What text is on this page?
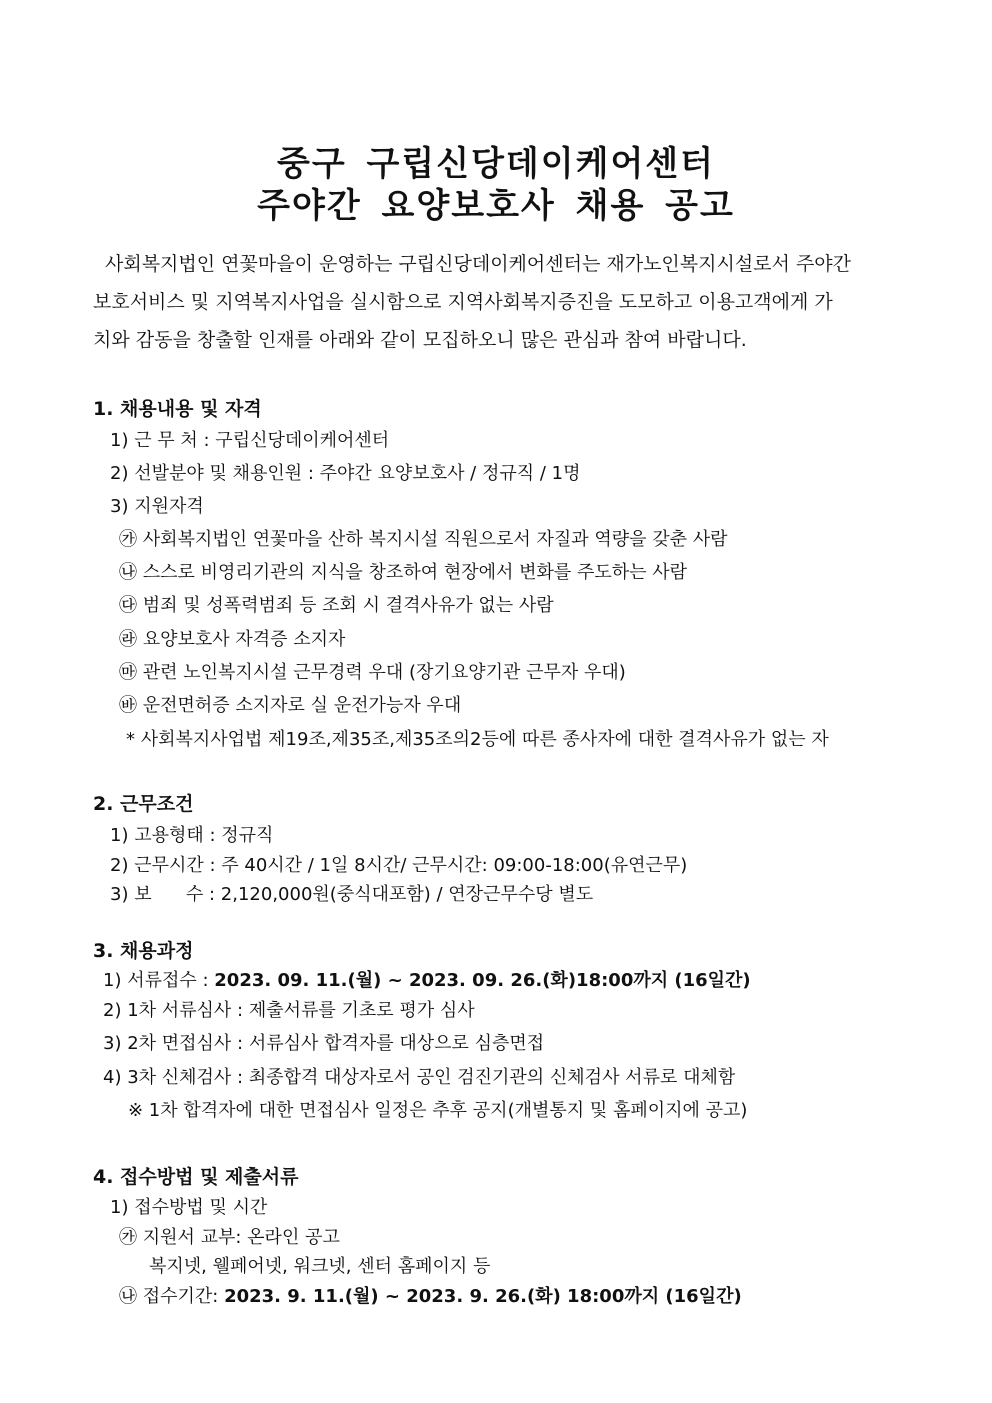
중구 구립신당데이케어센터
주야간 요양보호사 채용 공고
사회복지법인 연꽃마을이 운영하는 구립신당데이케어센터는 재가노인복지시설로서 주야간
보호서비스 및 지역복지사업을 실시함으로 지역사회복지증진을 도모하고 이용고객에게 가
치와 감동을 창출할 인재를 아래와 같이 모집하오니 많은 관심과 참여 바랍니다.
1. 채용내용 및 자격
1) 근 무 처 : 구립신당데이케어센터
2) 선발분야 및 채용인원 : 주야간 요양보호사 / 정규직 / 1명
3) 지원자격
㉮ 사회복지법인 연꽃마을 산하 복지시설 직원으로서 자질과 역량을 갖춘 사람
㉯ 스스로 비영리기관의 지식을 창조하여 현장에서 변화를 주도하는 사람
㉰ 범죄 및 성폭력범죄 등 조회 시 결격사유가 없는 사람
㉱ 요양보호사 자격증 소지자
㉲ 관련 노인복지시설 근무경력 우대 (장기요양기관 근무자 우대)
㉳ 운전면허증 소지자로 실 운전가능자 우대
* 사회복지사업법 제19조,제35조,제35조의2등에 따른 종사자에 대한 결격사유가 없는 자
2. 근무조건
1) 고용형태 : 정규직
2) 근무시간 : 주 40시간 / 1일 8시간/ 근무시간: 09:00-18:00(유연근무)
3) 보      수 : 2,120,000원(중식대포함) / 연장근무수당 별도
3. 채용과정
1) 서류접수 : 2023. 09. 11.(월) ~ 2023. 09. 26.(화)18:00까지 (16일간)
2) 1차 서류심사 : 제출서류를 기초로 평가 심사
3) 2차 면접심사 : 서류심사 합격자를 대상으로 심층면접
4) 3차 신체검사 : 최종합격 대상자로서 공인 검진기관의 신체검사 서류로 대체함
※ 1차 합격자에 대한 면접심사 일정은 추후 공지(개별통지 및 홈페이지에 공고)
4. 접수방법 및 제출서류
1) 접수방법 및 시간
㉮ 지원서 교부: 온라인 공고
복지넷, 웰페어넷, 워크넷, 센터 홈페이지 등
㉯ 접수기간: 2023. 9. 11.(월) ~ 2023. 9. 26.(화) 18:00까지 (16일간)
